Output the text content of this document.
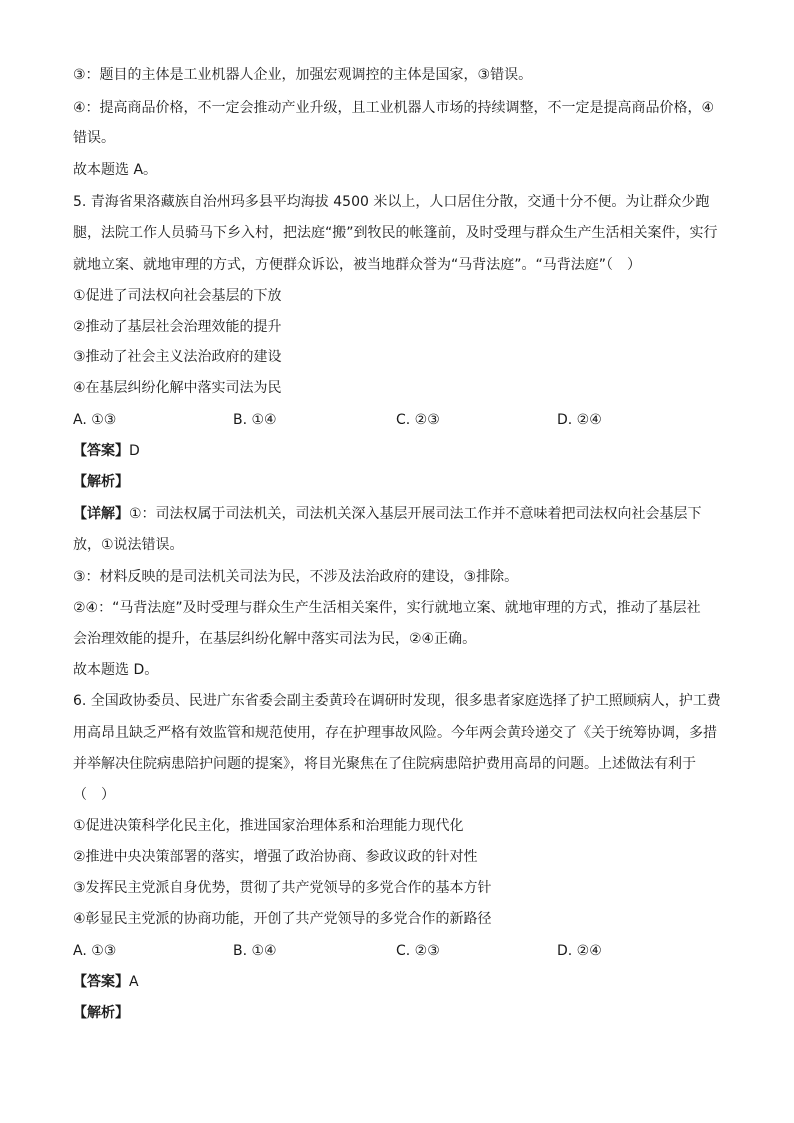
③：题目的主体是工业机器人企业，加强宏观调控的主体是国家，③错误。
④：提高商品价格，不一定会推动产业升级，且工业机器人市场的持续调整，不一定是提高商品价格，④
错误。
故本题选 A。
5. 青海省果洛藏族自治州玛多县平均海拔 4500 米以上，人口居住分散，交通十分不便。为让群众少跑
腿，法院工作人员骑马下乡入村，把法庭“搬”到牧民的帐篷前，及时受理与群众生产生活相关案件，实行
就地立案、就地审理的方式，方便群众诉讼，被当地群众誉为“马背法庭”。“马背法庭”（　）
①促进了司法权向社会基层的下放
②推动了基层社会治理效能的提升
③推动了社会主义法治政府的建设
④在基层纠纷化解中落实司法为民
A. ①③	B. ①④	C. ②③	D. ②④
【答案】D
【解析】
【详解】①：司法权属于司法机关，司法机关深入基层开展司法工作并不意味着把司法权向社会基层下
放，①说法错误。
③：材料反映的是司法机关司法为民，不涉及法治政府的建设，③排除。
②④：“马背法庭”及时受理与群众生产生活相关案件，实行就地立案、就地审理的方式，推动了基层社
会治理效能的提升，在基层纠纷化解中落实司法为民，②④正确。
故本题选 D。
6. 全国政协委员、民进广东省委会副主委黄玲在调研时发现，很多患者家庭选择了护工照顾病人，护工费
用高昂且缺乏严格有效监管和规范使用，存在护理事故风险。今年两会黄玲递交了《关于统筹协调，多措
并举解决住院病患陪护问题的提案》，将目光聚焦在了住院病患陪护费用高昂的问题。上述做法有利于
（　）
①促进决策科学化民主化，推进国家治理体系和治理能力现代化
②推进中央决策部署的落实，增强了政治协商、参政议政的针对性
③发挥民主党派自身优势，贯彻了共产党领导的多党合作的基本方针
④彰显民主党派的协商功能，开创了共产党领导的多党合作的新路径
A. ①③	B. ①④	C. ②③	D. ②④
【答案】A
【解析】
